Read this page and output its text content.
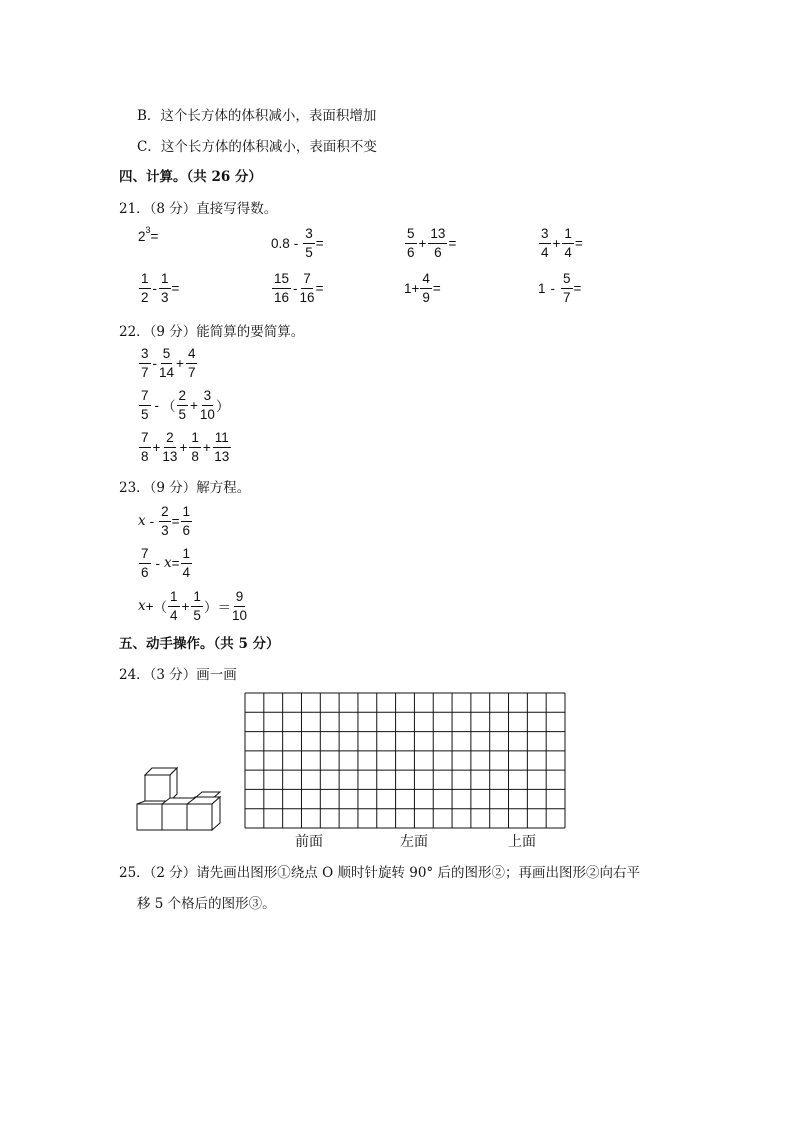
B．这个长方体的体积减小，表面积增加
C．这个长方体的体积减小，表面积不变
四、计算。（共 26 分）
21．（8 分）直接写得数。
2 3 =	$0.8 - \frac{3}{5}$ =	$\frac{5}{6} + \frac{13}{6}$ =	$\frac{3}{4} + \frac{1}{4}$ =
$\frac{1}{2} - \frac{1}{3}$ =	$\frac{15}{16} - \frac{7}{16}$ =	$1+ \frac{4}{9}$ =	$1 - \frac{5}{7}$ =
22．（9 分）能简算的要简算。
$\frac{3}{7} - \frac{5}{14} + \frac{4}{7}$
$\frac{7}{5}$ - （ $\frac{2}{5} + \frac{3}{10}$ ）
$\frac{7}{8} + \frac{2}{13} + \frac{1}{8} + \frac{11}{13}$
23．（9 分）解方程。
$x - \frac{2}{3} = \frac{1}{6}$
$\frac{7}{6} - x = \frac{1}{4}$
x + （ $\frac{1}{4} + \frac{1}{5}$ ） ＝ $\frac{9}{10}$
五、动手操作。（共 5 分）
24．（3 分）画一画
前面	左面	上面
25．（2 分）请先画出图形①绕点 O 顺时针旋转 90° 后的图形②；再画出图形②向右平
移 5 个格后的图形③。
